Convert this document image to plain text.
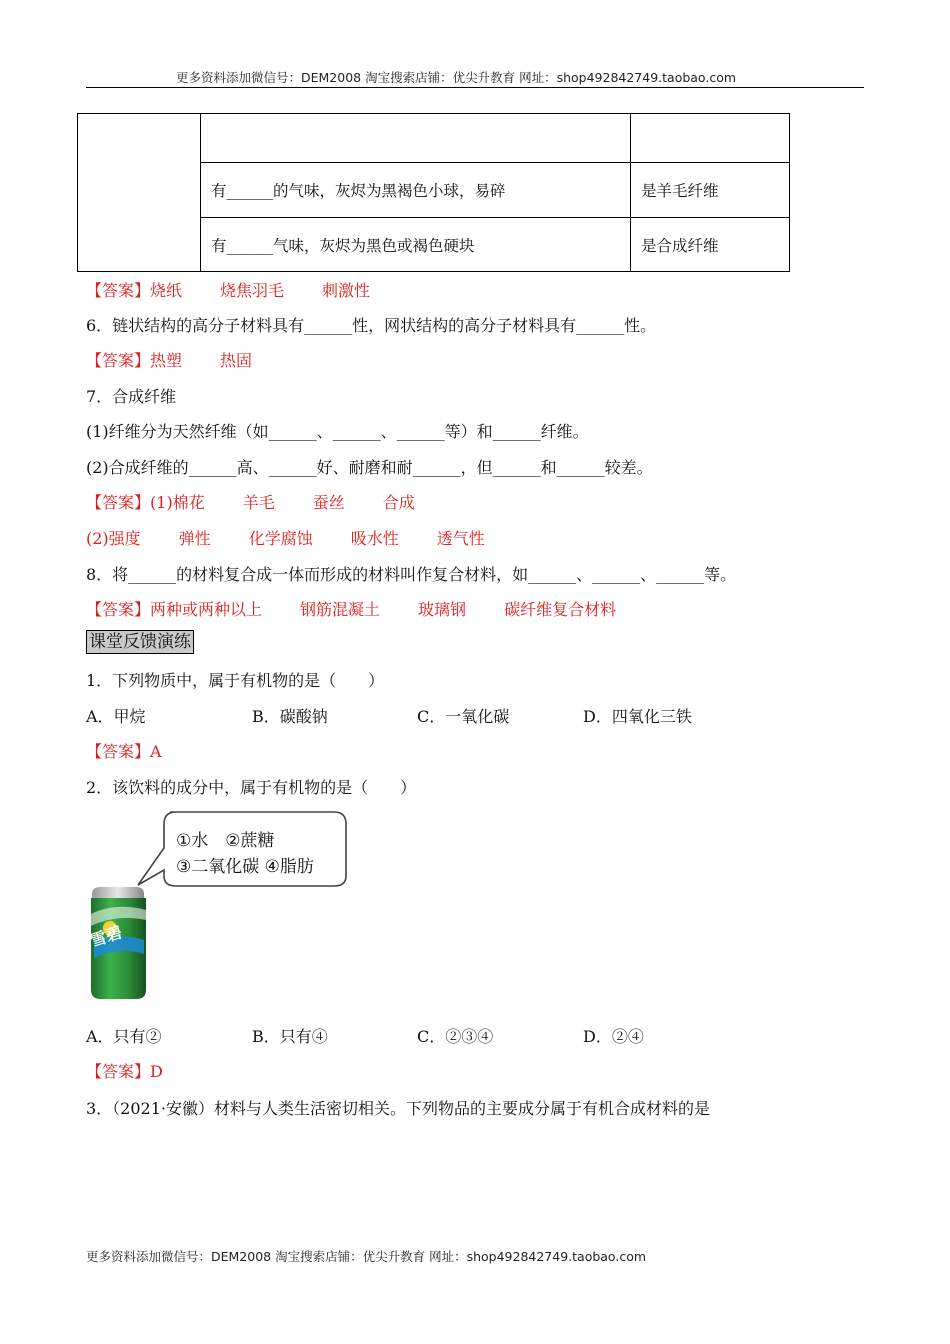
更多资料添加微信号：DEM2008 淘宝搜索店铺：优尖升教育 网址：shop492842749.taobao.com

	有______的气味，灰烬为黑褐色小球，易碎	是羊毛纤维
	有______气味，灰烬为黑色或褐色硬块	是合成纤维
【答案】烧纸 烧焦羽毛 刺激性
6．链状结构的高分子材料具有______性，网状结构的高分子材料具有______性。
【答案】热塑 热固
7．合成纤维
(1)纤维分为天然纤维（如______、______、______等）和______纤维。
(2)合成纤维的______高、______好、耐磨和耐______，但______和______较差。
【答案】(1)棉花 羊毛 蚕丝 合成
(2)强度 弹性 化学腐蚀 吸水性 透气性
8．将______的材料复合成一体而形成的材料叫作复合材料，如______、______、______等。
【答案】两种或两种以上 钢筋混凝土 玻璃钢 碳纤维复合材料
课堂反馈演练
1．下列物质中，属于有机物的是（　　）
A．甲烷	B．碳酸钠	C．一氧化碳	D．四氧化三铁
【答案】A
2．该饮料的成分中，属于有机物的是（　　）
①水　②蔗糖
③二氧化碳 ④脂肪
雪碧
A．只有②	B．只有④	C．②③④	D．②④
【答案】D
3．（2021·安徽）材料与人类生活密切相关。下列物品的主要成分属于有机合成材料的是
更多资料添加微信号：DEM2008 淘宝搜索店铺：优尖升教育 网址：shop492842749.taobao.com
